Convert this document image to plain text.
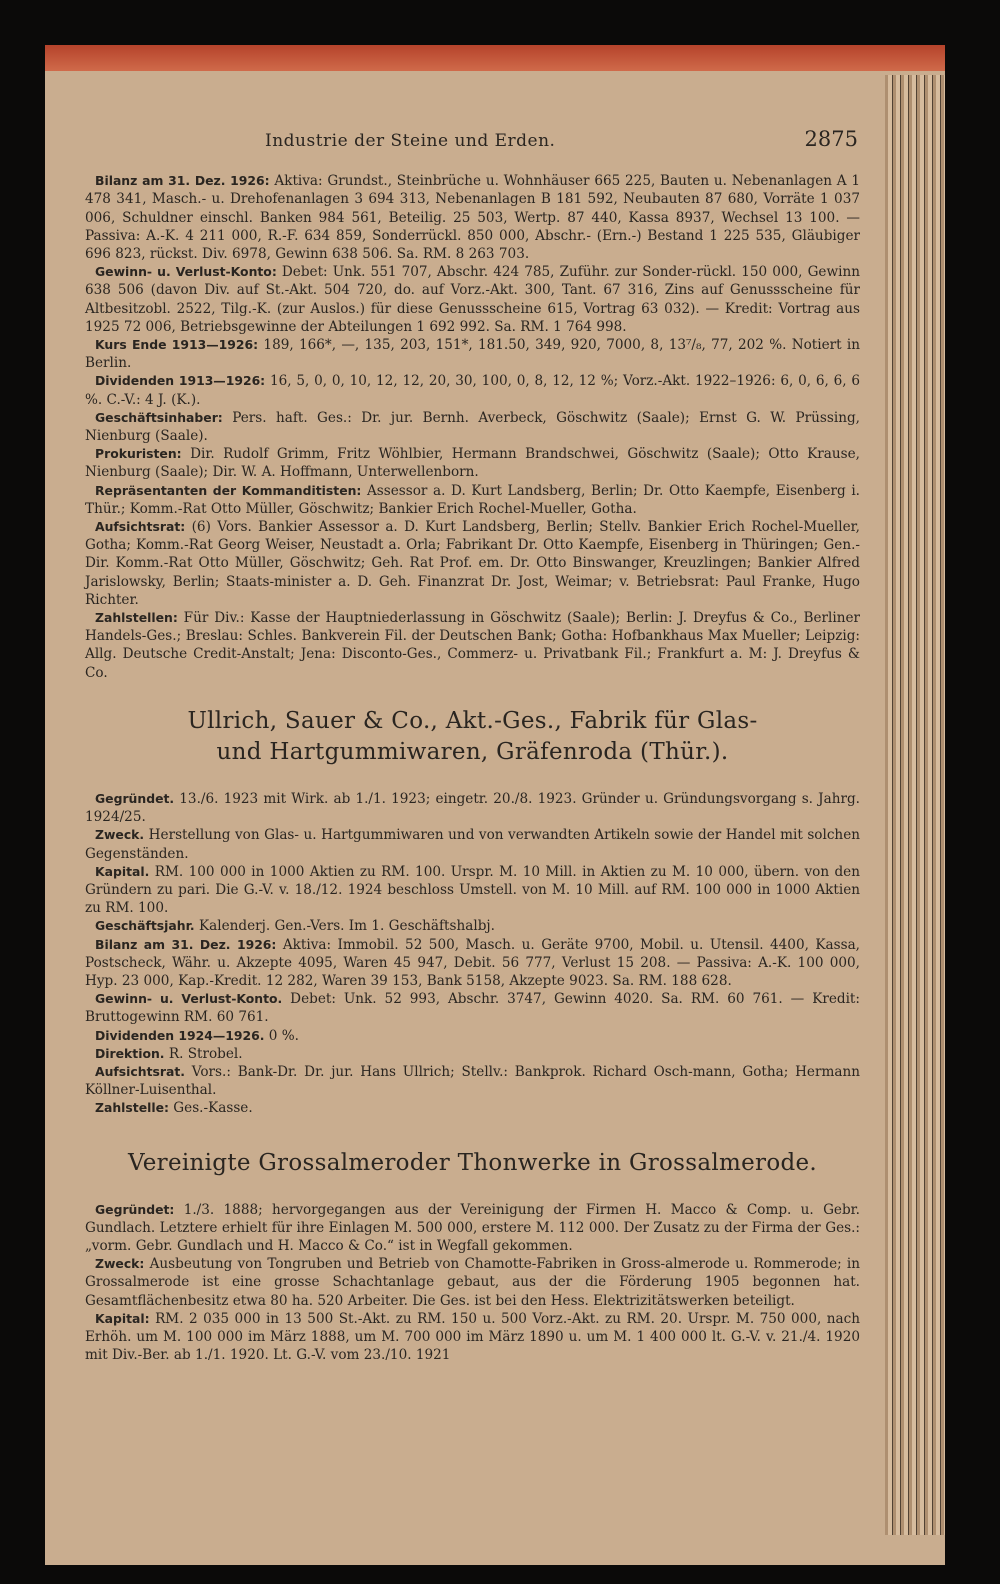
Industrie der Steine und Erden.	2875

Bilanz am 31. Dez. 1926: Aktiva: Grundst., Steinbrüche u. Wohnhäuser 665 225, Bauten u. Nebenanlagen A 1 478 341, Masch.- u. Drehofenanlagen 3 694 313, Nebenanlagen B 181 592, Neubauten 87 680, Vorräte 1 037 006, Schuldner einschl. Banken 984 561, Beteilig. 25 503, Wertp. 87 440, Kassa 8937, Wechsel 13 100. — Passiva: A.-K. 4 211 000, R.-F. 634 859, Sonderrückl. 850 000, Abschr.- (Ern.-) Bestand 1 225 535, Gläubiger 696 823, rückst. Div. 6978, Gewinn 638 506. Sa. RM. 8 263 703.

Gewinn- u. Verlust-Konto: Debet: Unk. 551 707, Abschr. 424 785, Zuführ. zur Sonder-rückl. 150 000, Gewinn 638 506 (davon Div. auf St.-Akt. 504 720, do. auf Vorz.-Akt. 300, Tant. 67 316, Zins auf Genussscheine für Altbesitzobl. 2522, Tilg.-K. (zur Auslos.) für diese Genussscheine 615, Vortrag 63 032). — Kredit: Vortrag aus 1925 72 006, Betriebsgewinne der Abteilungen 1 692 992. Sa. RM. 1 764 998.

Kurs Ende 1913—1926: 189, 166*, —, 135, 203, 151*, 181.50, 349, 920, 7000, 8, 13⁷/₈, 77, 202 %. Notiert in Berlin.

Dividenden 1913—1926: 16, 5, 0, 0, 10, 12, 12, 20, 30, 100, 0, 8, 12, 12 %; Vorz.-Akt. 1922–1926: 6, 0, 6, 6, 6 %. C.-V.: 4 J. (K.).

Geschäftsinhaber: Pers. haft. Ges.: Dr. jur. Bernh. Averbeck, Göschwitz (Saale); Ernst G. W. Prüssing, Nienburg (Saale).

Prokuristen: Dir. Rudolf Grimm, Fritz Wöhlbier, Hermann Brandschwei, Göschwitz (Saale); Otto Krause, Nienburg (Saale); Dir. W. A. Hoffmann, Unterwellenborn.

Repräsentanten der Kommanditisten: Assessor a. D. Kurt Landsberg, Berlin; Dr. Otto Kaempfe, Eisenberg i. Thür.; Komm.-Rat Otto Müller, Göschwitz; Bankier Erich Rochel-Mueller, Gotha.

Aufsichtsrat: (6) Vors. Bankier Assessor a. D. Kurt Landsberg, Berlin; Stellv. Bankier Erich Rochel-Mueller, Gotha; Komm.-Rat Georg Weiser, Neustadt a. Orla; Fabrikant Dr. Otto Kaempfe, Eisenberg in Thüringen; Gen.-Dir. Komm.-Rat Otto Müller, Göschwitz; Geh. Rat Prof. em. Dr. Otto Binswanger, Kreuzlingen; Bankier Alfred Jarislowsky, Berlin; Staats-minister a. D. Geh. Finanzrat Dr. Jost, Weimar; v. Betriebsrat: Paul Franke, Hugo Richter.

Zahlstellen: Für Div.: Kasse der Hauptniederlassung in Göschwitz (Saale); Berlin: J. Dreyfus & Co., Berliner Handels-Ges.; Breslau: Schles. Bankverein Fil. der Deutschen Bank; Gotha: Hofbankhaus Max Mueller; Leipzig: Allg. Deutsche Credit-Anstalt; Jena: Disconto-Ges., Commerz- u. Privatbank Fil.; Frankfurt a. M: J. Dreyfus & Co.

Ullrich, Sauer & Co., Akt.-Ges., Fabrik für Glas-
und Hartgummiwaren, Gräfenroda (Thür.).

Gegründet. 13./6. 1923 mit Wirk. ab 1./1. 1923; eingetr. 20./8. 1923. Gründer u. Gründungsvorgang s. Jahrg. 1924/25.

Zweck. Herstellung von Glas- u. Hartgummiwaren und von verwandten Artikeln sowie der Handel mit solchen Gegenständen.

Kapital. RM. 100 000 in 1000 Aktien zu RM. 100. Urspr. M. 10 Mill. in Aktien zu M. 10 000, übern. von den Gründern zu pari. Die G.-V. v. 18./12. 1924 beschloss Umstell. von M. 10 Mill. auf RM. 100 000 in 1000 Aktien zu RM. 100.

Geschäftsjahr. Kalenderj. Gen.-Vers. Im 1. Geschäftshalbj.

Bilanz am 31. Dez. 1926: Aktiva: Immobil. 52 500, Masch. u. Geräte 9700, Mobil. u. Utensil. 4400, Kassa, Postscheck, Währ. u. Akzepte 4095, Waren 45 947, Debit. 56 777, Verlust 15 208. — Passiva: A.-K. 100 000, Hyp. 23 000, Kap.-Kredit. 12 282, Waren 39 153, Bank 5158, Akzepte 9023. Sa. RM. 188 628.

Gewinn- u. Verlust-Konto. Debet: Unk. 52 993, Abschr. 3747, Gewinn 4020. Sa. RM. 60 761. — Kredit: Bruttogewinn RM. 60 761.

Dividenden 1924—1926. 0 %.

Direktion. R. Strobel.

Aufsichtsrat. Vors.: Bank-Dr. Dr. jur. Hans Ullrich; Stellv.: Bankprok. Richard Osch-mann, Gotha; Hermann Köllner-Luisenthal.

Zahlstelle: Ges.-Kasse.

Vereinigte Grossalmeroder Thonwerke in Grossalmerode.

Gegründet: 1./3. 1888; hervorgegangen aus der Vereinigung der Firmen H. Macco & Comp. u. Gebr. Gundlach. Letztere erhielt für ihre Einlagen M. 500 000, erstere M. 112 000. Der Zusatz zu der Firma der Ges.: „vorm. Gebr. Gundlach und H. Macco & Co.“ ist in Wegfall gekommen.

Zweck: Ausbeutung von Tongruben und Betrieb von Chamotte-Fabriken in Gross-almerode u. Rommerode; in Grossalmerode ist eine grosse Schachtanlage gebaut, aus der die Förderung 1905 begonnen hat. Gesamtflächenbesitz etwa 80 ha. 520 Arbeiter. Die Ges. ist bei den Hess. Elektrizitätswerken beteiligt.

Kapital: RM. 2 035 000 in 13 500 St.-Akt. zu RM. 150 u. 500 Vorz.-Akt. zu RM. 20. Urspr. M. 750 000, nach Erhöh. um M. 100 000 im März 1888, um M. 700 000 im März 1890 u. um M. 1 400 000 lt. G.-V. v. 21./4. 1920 mit Div.-Ber. ab 1./1. 1920. Lt. G.-V. vom 23./10. 1921
